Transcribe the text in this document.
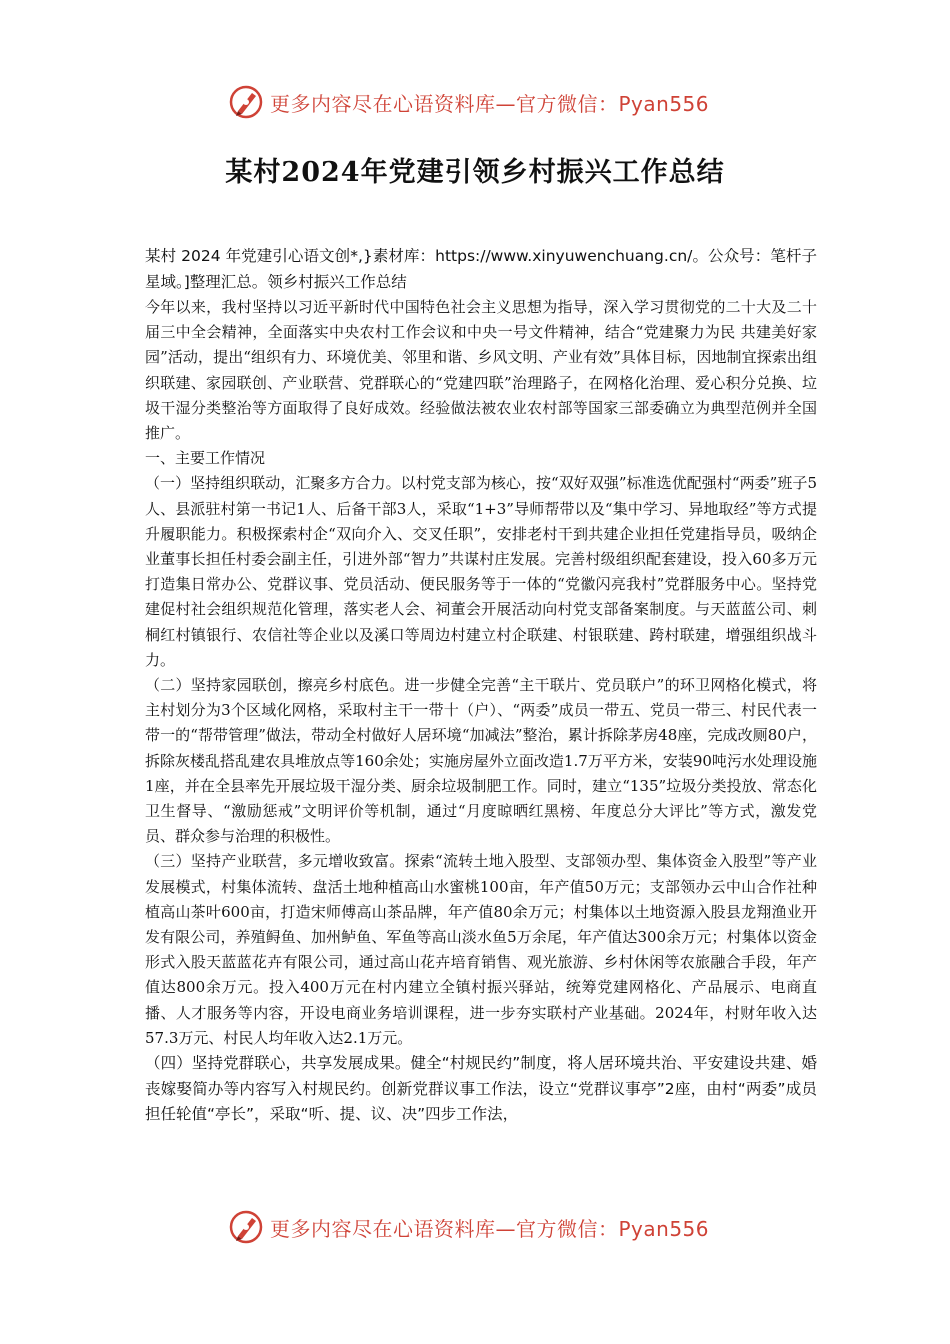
更多内容尽在心语资料库—官方微信：Pyan556
某村2024年党建引领乡村振兴工作总结

某村 2024 年党建引心语文创*,}素材库：https://www.xinyuwenchuang.cn/。公众号：笔杆子星域。]整理汇总。领乡村振兴工作总结

今年以来，我村坚持以习近平新时代中国特色社会主义思想为指导，深入学习贯彻党的二十大及二十届三中全会精神，全面落实中央农村工作会议和中央一号文件精神，结合“党建聚力为民 共建美好家园”活动，提出“组织有力、环境优美、邻里和谐、乡风文明、产业有效”具体目标，因地制宜探索出组织联建、家园联创、产业联营、党群联心的“党建四联”治理路子，在网格化治理、爱心积分兑换、垃圾干湿分类整治等方面取得了良好成效。经验做法被农业农村部等国家三部委确立为典型范例并全国推广。

一、主要工作情况

（一）坚持组织联动，汇聚多方合力。以村党支部为核心，按“双好双强”标准选优配强村“两委”班子5人、县派驻村第一书记1人、后备干部3人，采取“1+3”导师帮带以及“集中学习、异地取经”等方式提升履职能力。积极探索村企“双向介入、交叉任职”，安排老村干到共建企业担任党建指导员，吸纳企业董事长担任村委会副主任，引进外部“智力”共谋村庄发展。完善村级组织配套建设，投入60多万元打造集日常办公、党群议事、党员活动、便民服务等于一体的“党徽闪亮我村”党群服务中心。坚持党建促村社会组织规范化管理，落实老人会、祠董会开展活动向村党支部备案制度。与天蓝蓝公司、刺桐红村镇银行、农信社等企业以及溪口等周边村建立村企联建、村银联建、跨村联建，增强组织战斗力。

（二）坚持家园联创，擦亮乡村底色。进一步健全完善“主干联片、党员联户”的环卫网格化模式，将主村划分为3个区域化网格，采取村主干一带十（户）、“两委”成员一带五、党员一带三、村民代表一带一的“帮带管理”做法，带动全村做好人居环境“加减法”整治，累计拆除茅房48座，完成改厕80户，拆除灰楼乱搭乱建农具堆放点等160余处；实施房屋外立面改造1.7万平方米，安装90吨污水处理设施1座，并在全县率先开展垃圾干湿分类、厨余垃圾制肥工作。同时，建立“135”垃圾分类投放、常态化卫生督导、“激励惩戒”文明评价等机制，通过“月度晾晒红黑榜、年度总分大评比”等方式，激发党员、群众参与治理的积极性。

（三）坚持产业联营，多元增收致富。探索“流转土地入股型、支部领办型、集体资金入股型”等产业发展模式，村集体流转、盘活土地种植高山水蜜桃100亩，年产值50万元；支部领办云中山合作社种植高山茶叶600亩，打造宋师傅高山茶品牌，年产值80余万元；村集体以土地资源入股县龙翔渔业开发有限公司，养殖鲟鱼、加州鲈鱼、军鱼等高山淡水鱼5万余尾，年产值达300余万元；村集体以资金形式入股天蓝蓝花卉有限公司，通过高山花卉培育销售、观光旅游、乡村休闲等农旅融合手段，年产值达800余万元。投入400万元在村内建立全镇村振兴驿站，统筹党建网格化、产品展示、电商直播、人才服务等内容，开设电商业务培训课程，进一步夯实联村产业基础。2024年，村财年收入达57.3万元、村民人均年收入达2.1万元。

（四）坚持党群联心，共享发展成果。健全“村规民约”制度，将人居环境共治、平安建设共建、婚丧嫁娶简办等内容写入村规民约。创新党群议事工作法，设立“党群议事亭”2座，由村“两委”成员担任轮值“亭长”，采取“听、提、议、决”四步工作法，

更多内容尽在心语资料库—官方微信：Pyan556
